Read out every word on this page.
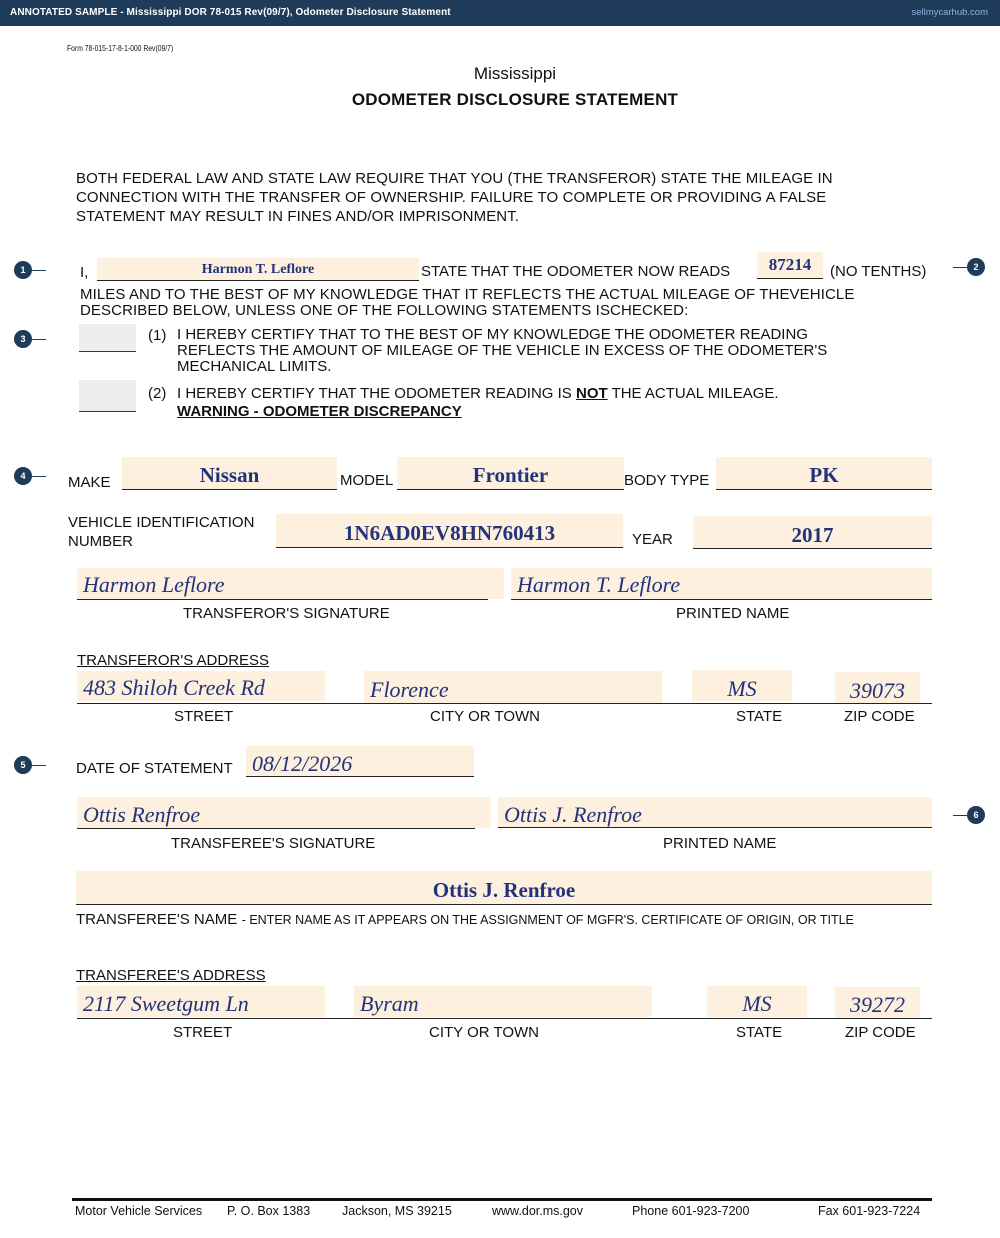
ANNOTATED SAMPLE - Mississippi DOR 78-015 Rev(09/7), Odometer Disclosure Statement	sellmycarhub.com
Form 78-015-17-8-1-000 Rev(09/7)
Mississippi
ODOMETER DISCLOSURE STATEMENT
BOTH FEDERAL LAW AND STATE LAW REQUIRE THAT YOU (THE TRANSFEROR) STATE THE MILEAGE IN
CONNECTION WITH THE TRANSFER OF OWNERSHIP. FAILURE TO COMPLETE OR PROVIDING A FALSE
STATEMENT MAY RESULT IN FINES AND/OR IMPRISONMENT.
1	2
3
4
5
6
I,	Harmon T. Leflore	STATE THAT THE ODOMETER NOW READS	87214	(NO TENTHS)
MILES AND TO THE BEST OF MY KNOWLEDGE THAT IT REFLECTS THE ACTUAL MILEAGE OF THEVEHICLE
DESCRIBED BELOW, UNLESS ONE OF THE FOLLOWING STATEMENTS ISCHECKED:
(1) I HEREBY CERTIFY THAT TO THE BEST OF MY KNOWLEDGE THE ODOMETER READING
REFLECTS THE AMOUNT OF MILEAGE OF THE VEHICLE IN EXCESS OF THE ODOMETER'S
MECHANICAL LIMITS.
(2) I HEREBY CERTIFY THAT THE ODOMETER READING IS NOT THE ACTUAL MILEAGE.
WARNING - ODOMETER DISCREPANCY
MAKE	Nissan	MODEL	Frontier	BODY TYPE	PK
VEHICLE IDENTIFICATION
NUMBER	1N6AD0EV8HN760413	YEAR	2017
Harmon Leflore	Harmon T. Leflore
TRANSFEROR'S SIGNATURE	PRINTED NAME
TRANSFEROR'S ADDRESS
483 Shiloh Creek Rd	Florence	MS	39073
STREET	CITY OR TOWN	STATE	ZIP CODE
DATE OF STATEMENT 08/12/2026
Ottis Renfroe	Ottis J. Renfroe
TRANSFEREE'S SIGNATURE	PRINTED NAME
Ottis J. Renfroe
TRANSFEREE'S NAME - ENTER NAME AS IT APPEARS ON THE ASSIGNMENT OF MGFR'S. CERTIFICATE OF ORIGIN, OR TITLE
TRANSFEREE'S ADDRESS
2117 Sweetgum Ln	Byram	MS	39272
STREET	CITY OR TOWN	STATE	ZIP CODE
Motor Vehicle Services P. O. Box 1383	Jackson, MS 39215	www.dor.ms.gov	Phone 601-923-7200	Fax 601-923-7224
